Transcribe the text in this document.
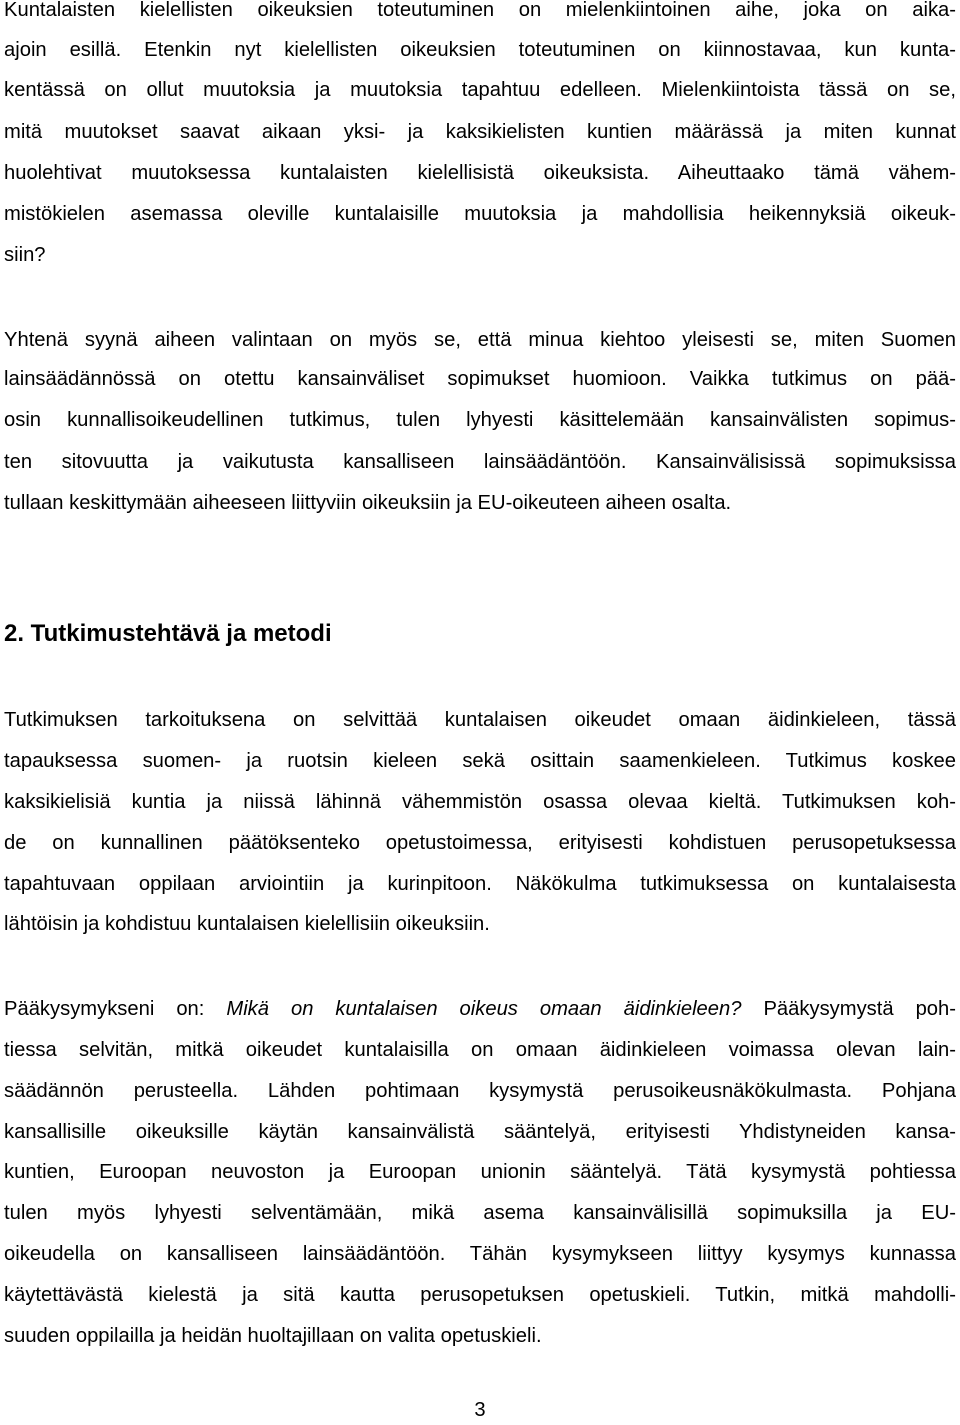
Kuntalaisten kielellisten oikeuksien toteutuminen on mielenkiintoinen aihe, joka on aika-
ajoin esillä. Etenkin nyt kielellisten oikeuksien toteutuminen on kiinnostavaa, kun kunta-
kentässä on ollut muutoksia ja muutoksia tapahtuu edelleen. Mielenkiintoista tässä on se,
mitä muutokset saavat aikaan yksi- ja kaksikielisten kuntien määrässä ja miten kunnat
huolehtivat muutoksessa kuntalaisten kielellisistä oikeuksista. Aiheuttaako tämä vähem-
mistökielen asemassa oleville kuntalaisille muutoksia ja mahdollisia heikennyksiä oikeuk-
siin?
Yhtenä syynä aiheen valintaan on myös se, että minua kiehtoo yleisesti se, miten Suomen
lainsäädännössä on otettu kansainväliset sopimukset huomioon. Vaikka tutkimus on pää-
osin kunnallisoikeudellinen tutkimus, tulen lyhyesti käsittelemään kansainvälisten sopimus-
ten sitovuutta ja vaikutusta kansalliseen lainsäädäntöön. Kansainvälisissä sopimuksissa
tullaan keskittymään aiheeseen liittyviin oikeuksiin ja EU-oikeuteen aiheen osalta.
2. Tutkimustehtävä ja metodi
Tutkimuksen tarkoituksena on selvittää kuntalaisen oikeudet omaan äidinkieleen, tässä
tapauksessa suomen- ja ruotsin kieleen sekä osittain saamenkieleen. Tutkimus koskee
kaksikielisiä kuntia ja niissä lähinnä vähemmistön osassa olevaa kieltä. Tutkimuksen koh-
de on kunnallinen päätöksenteko opetustoimessa, erityisesti kohdistuen perusopetuksessa
tapahtuvaan oppilaan arviointiin ja kurinpitoon. Näkökulma tutkimuksessa on kuntalaisesta
lähtöisin ja kohdistuu kuntalaisen kielellisiin oikeuksiin.
Pääkysymykseni on: Mikä on kuntalaisen oikeus omaan äidinkieleen? Pääkysymystä poh-
tiessa selvitän, mitkä oikeudet kuntalaisilla on omaan äidinkieleen voimassa olevan lain-
säädännön perusteella. Lähden pohtimaan kysymystä perusoikeusnäkökulmasta. Pohjana
kansallisille oikeuksille käytän kansainvälistä sääntelyä, erityisesti Yhdistyneiden kansa-
kuntien, Euroopan neuvoston ja Euroopan unionin sääntelyä. Tätä kysymystä pohtiessa
tulen myös lyhyesti selventämään, mikä asema kansainvälisillä sopimuksilla ja EU-
oikeudella on kansalliseen lainsäädäntöön. Tähän kysymykseen liittyy kysymys kunnassa
käytettävästä kielestä ja sitä kautta perusopetuksen opetuskieli. Tutkin, mitkä mahdolli-
suuden oppilailla ja heidän huoltajillaan on valita opetuskieli.
3
